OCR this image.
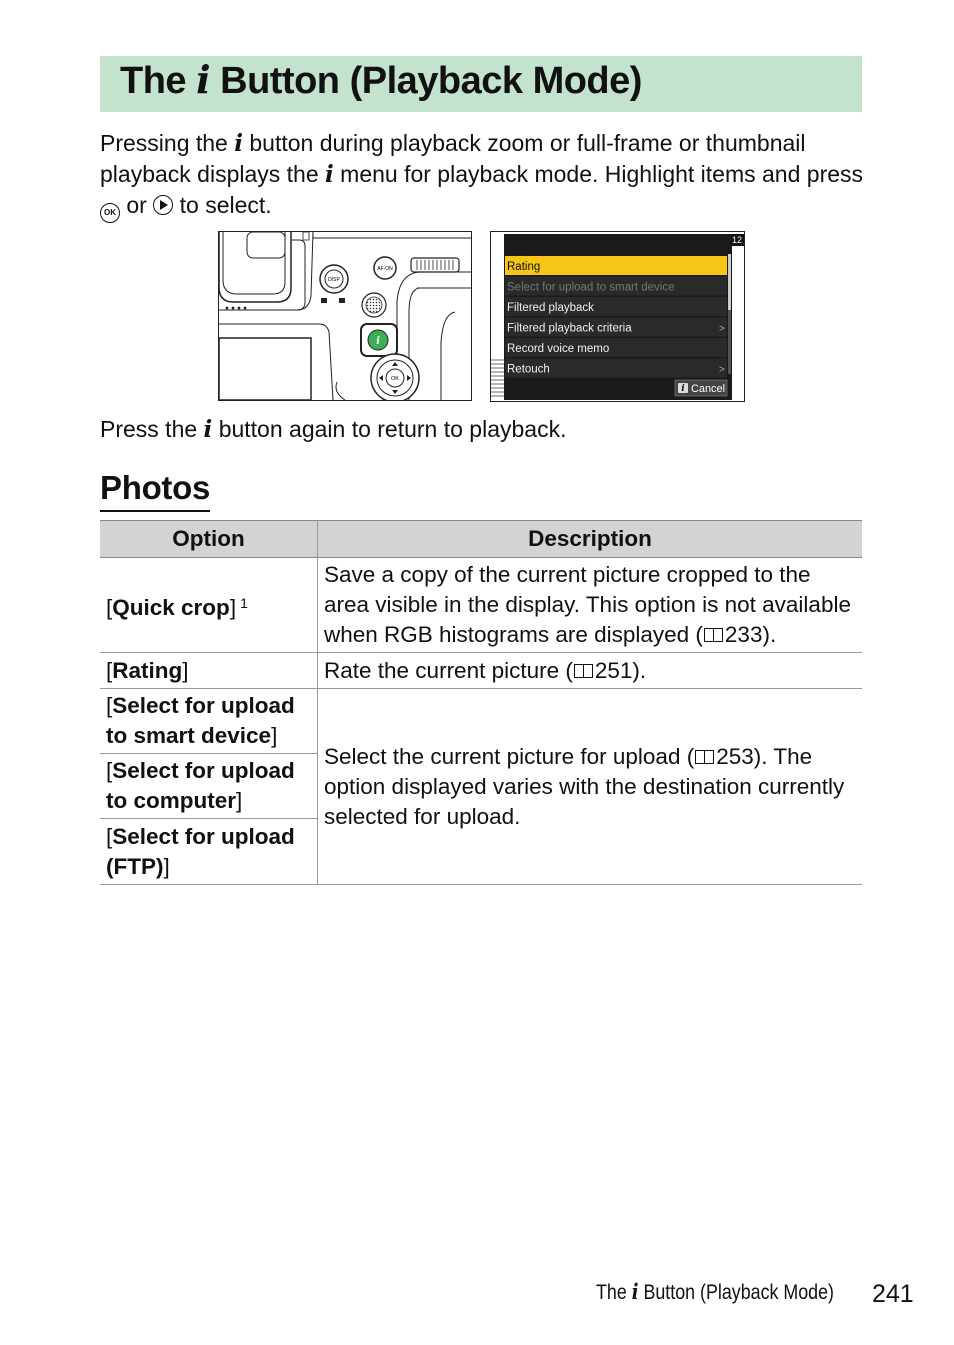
The i Button (Playback Mode)

Pressing the i button during playback zoom or full-frame or thumbnail playback displays the i menu for playback mode. Highlight items and press OK or to select.

DISP
AF-ON
i
OK
12
Rating
Select for upload to smart device
Filtered playback
Filtered playback criteria	>
Record voice memo
Retouch	>
i Cancel

Press the i button again to return to playback.

Photos
Option	Description
[Quick crop] $^1$	Save a copy of the current picture cropped to the area visible in the display. This option is not available when RGB histograms are displayed ( 233).
[Rating]	Rate the current picture ( 251).
[Select for upload to smart device]	Select the current picture for upload ( 253). The option displayed varies with the destination currently selected for upload.
[Select for upload to computer]	
[Select for upload (FTP)]	
The i Button (Playback Mode) 241
